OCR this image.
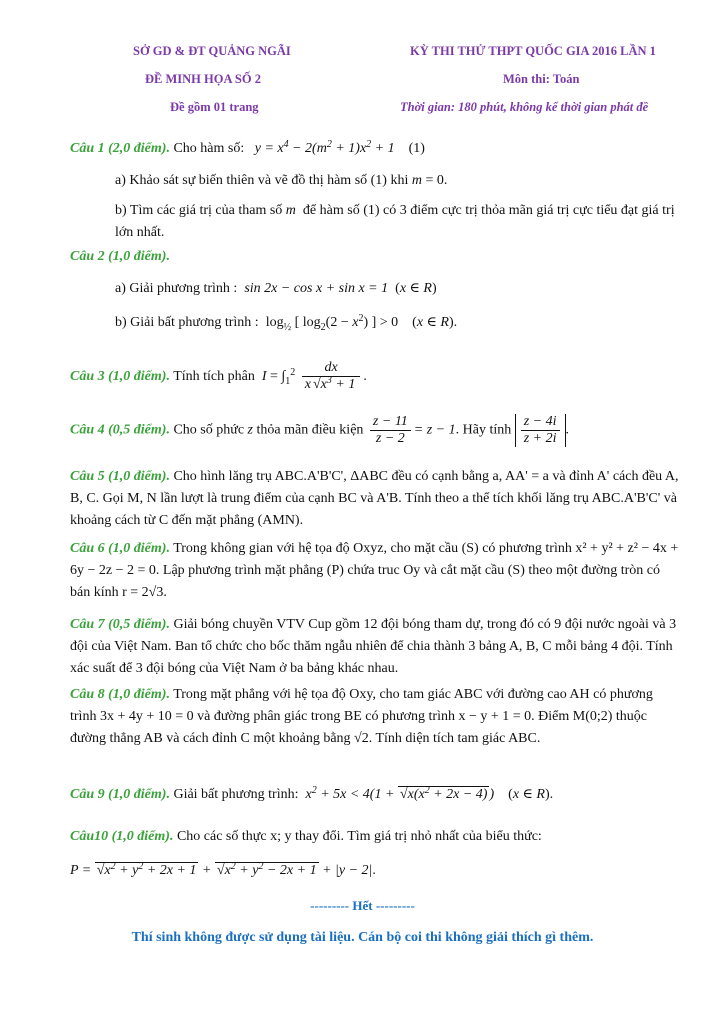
SỞ GD & ĐT QUẢNG NGÃI
ĐỀ MINH HỌA SỐ 2
Đề gồm 01 trang
KỲ THI THỬ THPT QUỐC GIA 2016 LẦN 1
Môn thi: Toán
Thời gian: 180 phút, không kể thời gian phát đề
Câu 1 (2,0 điểm). Cho hàm số:   $y = x^4 - 2(m^2 + 1)x^2 + 1$ (1)
a) Khảo sát sự biến thiên và vẽ đồ thị hàm số (1) khi m = 0.
b) Tìm các giá trị của tham số m để hàm số (1) có 3 điểm cực trị thỏa mãn giá trị cực tiểu đạt giá trị lớn nhất.
Câu 2 (1,0 điểm).
a) Giải phương trình : sin 2x − cos x + sin x = 1  (x ∈ R)
b) Giải bất phương trình :  $\log_{\frac{1}{2}}$ [ $\log_2(2 - x^2)$ ] > 0    (x ∈ R).
Câu 3 (1,0 điểm). Tính tích phân  $I = \int_1^2 \frac{dx}{x √x^3 + 1}$ .
Câu 4 (0,5 điểm). Cho số phức z thỏa mãn điều kiện $\frac{z - 11}{z - 2} = z - 1$. Hãy tính $\frac{z - 4i}{z + 2i}$ .
Câu 5 (1,0 điểm). Cho hình lăng trụ ABC.A'B'C', ΔABC đều có cạnh bằng a, AA' = a và đỉnh A' cách đều A, B, C. Gọi M, N lần lượt là trung điểm của cạnh BC và A'B. Tính theo a thể tích khối lăng trụ ABC.A'B'C' và khoảng cách từ C đến mặt phẳng (AMN).
Câu 6 (1,0 điểm). Trong không gian với hệ tọa độ Oxyz, cho mặt cầu (S) có phương trình x² + y² + z² − 4x + 6y − 2z − 2 = 0. Lập phương trình mặt phẳng (P) chứa truc Oy và cắt mặt cầu (S) theo một đường tròn có bán kính r = 2√3.
Câu 7 (0,5 điểm). Giải bóng chuyền VTV Cup gồm 12 đội bóng tham dự, trong đó có 9 đội nước ngoài và 3 đội của Việt Nam. Ban tổ chức cho bốc thăm ngẫu nhiên để chia thành 3 bảng A, B, C mỗi bảng 4 đội. Tính xác suất để 3 đội bóng của Việt Nam ở ba bảng khác nhau.
Câu 8 (1,0 điểm). Trong mặt phẳng với hệ tọa độ Oxy, cho tam giác ABC với đường cao AH có phương trình 3x + 4y + 10 = 0 và đường phân giác trong BE có phương trình x − y + 1 = 0. Điểm M(0;2) thuộc đường thẳng AB và cách đỉnh C một khoảng bằng √2. Tính diện tích tam giác ABC.
Câu 9 (1,0 điểm). Giải bất phương trình:  $x^2 + 5x < 4(1 + √x(x^2 + 2x - 4)$ )    (x ∈ R).
Câu10 (1,0 điểm). Cho các số thực x; y thay đổi. Tìm giá trị nhỏ nhất của biểu thức:
$P = √x^2 + y^2 + 2x + 1 + √x^2 + y^2 - 2x + 1 + |y - 2|$.
--------- Hết ---------
Thí sinh không được sử dụng tài liệu. Cán bộ coi thi không giải thích gì thêm.
